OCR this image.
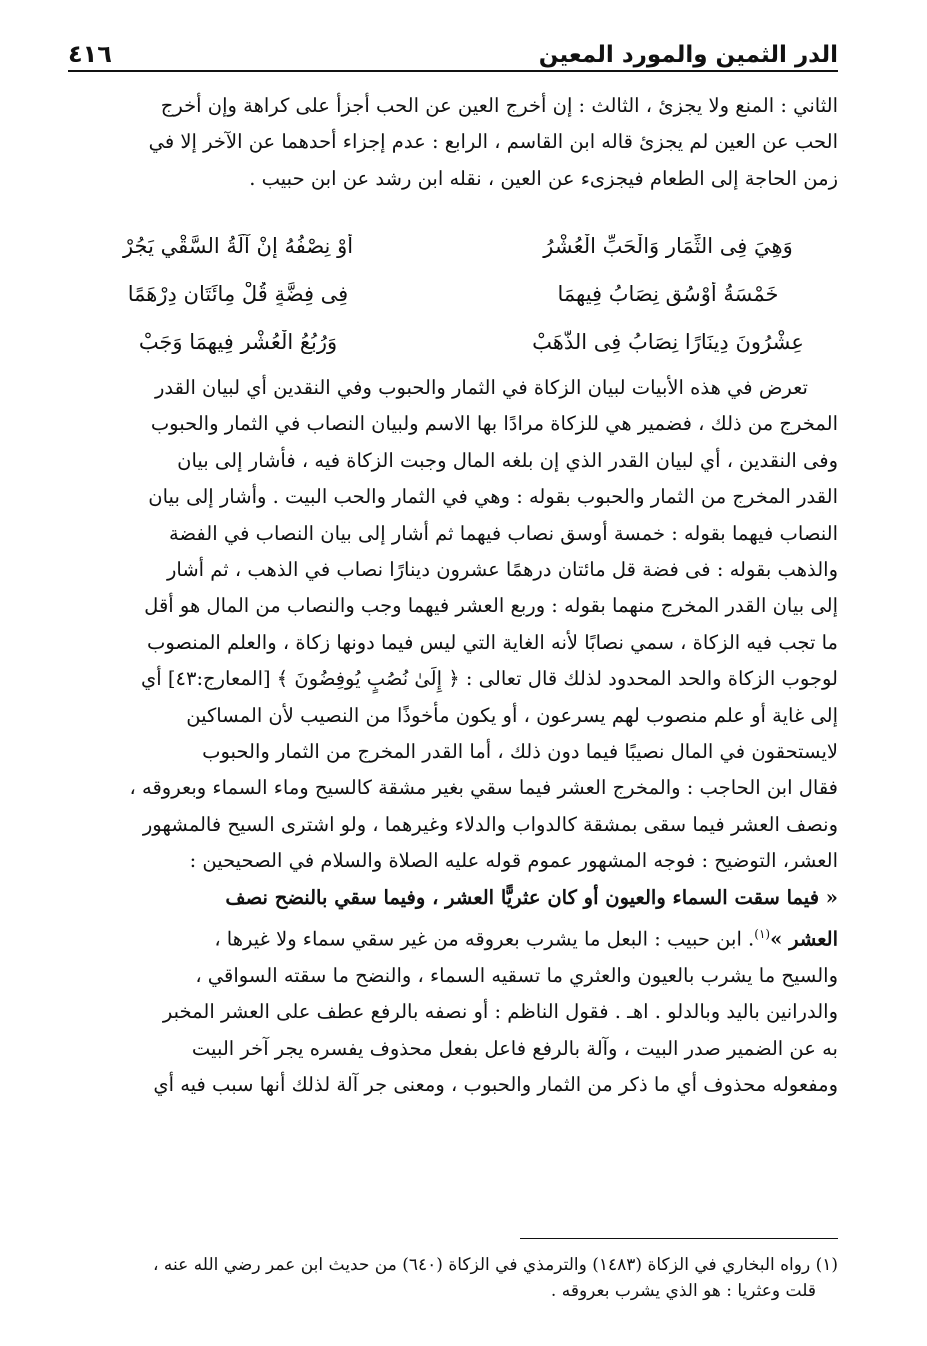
الدر الثمين والمورد المعين
٤١٦
الثاني : المنع ولا يجزئ ، الثالث : إن أخرج العين عن الحب أجزأ على كراهة وإن أخرج
الحب عن العين لم يجزئ قاله ابن القاسم ، الرابع : عدم إجزاء أحدهما عن الآخر إلا في
زمن الحاجة إلى الطعام فيجزىء عن العين ، نقله ابن رشد عن ابن حبيب .
وَهِيَ فِى الثِّمَارِ وَالْحَبِّ الْعُشْرُ
أَوْ نِصْفُهُ إِنْ آلَةُ السَّقْيِ يَجُرْ
خَمْسَةُ أَوْسُقٍ نِصَابُ فِيهِمَا
فِى فِضَّةٍ قُلْ مِائَتَانِ دِرْهَمًا
عِشْرُونَ دِينَارًا نِصَابُ فِى الذَّهَبْ
وَرُبُعُ الْعُشْرِ فِيهِمَا وَجَبْ
تعرض في هذه الأبيات لبيان الزكاة في الثمار والحبوب وفي النقدين أي لبيان القدر
المخرج من ذلك ، فضمير هي للزكاة مرادًا بها الاسم ولبيان النصاب في الثمار والحبوب
وفى النقدين ، أي لبيان القدر الذي إن بلغه المال وجبت الزكاة فيه ، فأشار إلى بيان
القدر المخرج من الثمار والحبوب بقوله : وهي في الثمار والحب البيت . وأشار إلى بيان
النصاب فيهما بقوله : خمسة أوسق نصاب فيهما ثم أشار إلى بيان النصاب في الفضة
والذهب بقوله : فى فضة قل مائتان درهمًا عشرون دينارًا نصاب في الذهب ، ثم أشار
إلى بيان القدر المخرج منهما بقوله : وربع العشر فيهما وجب والنصاب من المال هو أقل
ما تجب فيه الزكاة ، سمي نصابًا لأنه الغاية التي ليس فيما دونها زكاة ، والعلم المنصوب
لوجوب الزكاة والحد المحدود لذلك قال تعالى : ﴿ إِلَىٰ نُصُبٍ يُوفِضُونَ ﴾ [المعارج:٤٣] أي
إلى غاية أو علم منصوب لهم يسرعون ، أو يكون مأخوذًا من النصيب لأن المساكين
لايستحقون في المال نصيبًا فيما دون ذلك ، أما القدر المخرج من الثمار والحبوب
فقال ابن الحاجب : والمخرج العشر فيما سقي بغير مشقة كالسيح وماء السماء وبعروقه ،
ونصف العشر فيما سقى بمشقة كالدواب والدلاء وغيرهما ، ولو اشترى السيح فالمشهور
العشر، التوضيح : فوجه المشهور عموم قوله عليه الصلاة والسلام في الصحيحين :
« فيما سقت السماء والعيون أو كان عثريًّا العشر ، وفيما سقي بالنضح نصف
العشر »$^{(١)}$. ابن حبيب : البعل ما يشرب بعروقه من غير سقي سماء ولا غيرها ،
والسيح ما يشرب بالعيون والعثري ما تسقيه السماء ، والنضح ما سقته السواقي ،
والدرانين باليد وبالدلو . اهـ . فقول الناظم : أو نصفه بالرفع عطف على العشر المخبر
به عن الضمير صدر البيت ، وآلة بالرفع فاعل بفعل محذوف يفسره يجر آخر البيت
ومفعوله محذوف أي ما ذكر من الثمار والحبوب ، ومعنى جر آلة لذلك أنها سبب فيه أي
(١) رواه البخاري في الزكاة (١٤٨٣) والترمذي في الزكاة (٦٤٠) من حديث ابن عمر رضي الله عنه ،
قلت وعثريا : هو الذي يشرب بعروقه .
